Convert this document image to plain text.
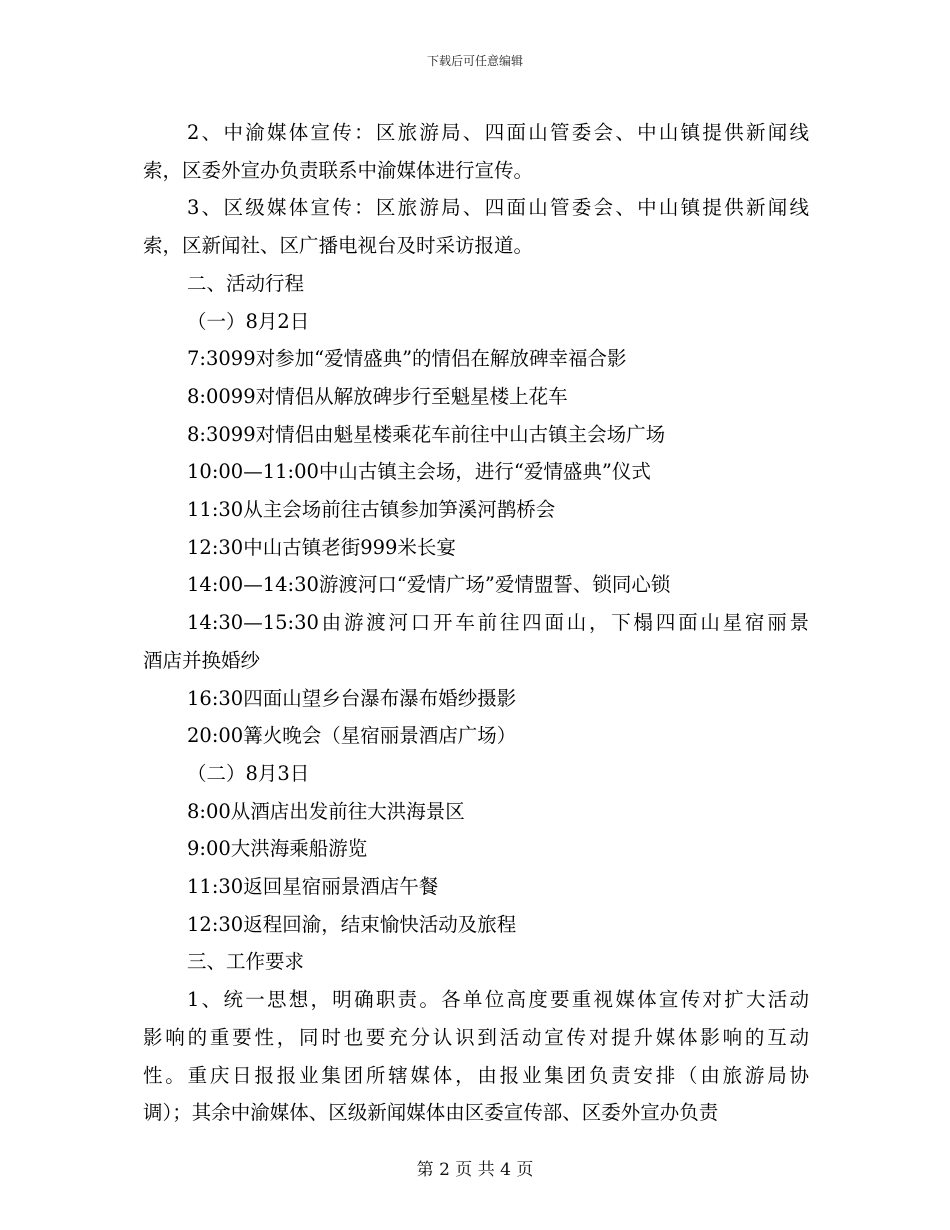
下载后可任意编辑

2、中渝媒体宣传：区旅游局、四面山管委会、中山镇提供新闻线

索，区委外宣办负责联系中渝媒体进行宣传。

3、区级媒体宣传：区旅游局、四面山管委会、中山镇提供新闻线

索，区新闻社、区广播电视台及时采访报道。

二、活动行程

（一）8月2日

7:3099对参加“爱情盛典”的情侣在解放碑幸福合影

8:0099对情侣从解放碑步行至魁星楼上花车

8:3099对情侣由魁星楼乘花车前往中山古镇主会场广场

10:00—11:00中山古镇主会场，进行“爱情盛典”仪式

11:30从主会场前往古镇参加笋溪河鹊桥会

12:30中山古镇老街999米长宴

14:00—14:30游渡河口“爱情广场”爱情盟誓、锁同心锁

14:30—15:30由游渡河口开车前往四面山，下榻四面山星宿丽景

酒店并换婚纱

16:30四面山望乡台瀑布瀑布婚纱摄影

20:00篝火晚会（星宿丽景酒店广场）

（二）8月3日

8:00从酒店出发前往大洪海景区

9:00大洪海乘船游览

11:30返回星宿丽景酒店午餐

12:30返程回渝，结束愉快活动及旅程

三、工作要求

1、统一思想，明确职责。各单位高度要重视媒体宣传对扩大活动

影响的重要性，同时也要充分认识到活动宣传对提升媒体影响的互动

性。重庆日报报业集团所辖媒体，由报业集团负责安排（由旅游局协

调）；其余中渝媒体、区级新闻媒体由区委宣传部、区委外宣办负责

第 2 页 共 4 页
